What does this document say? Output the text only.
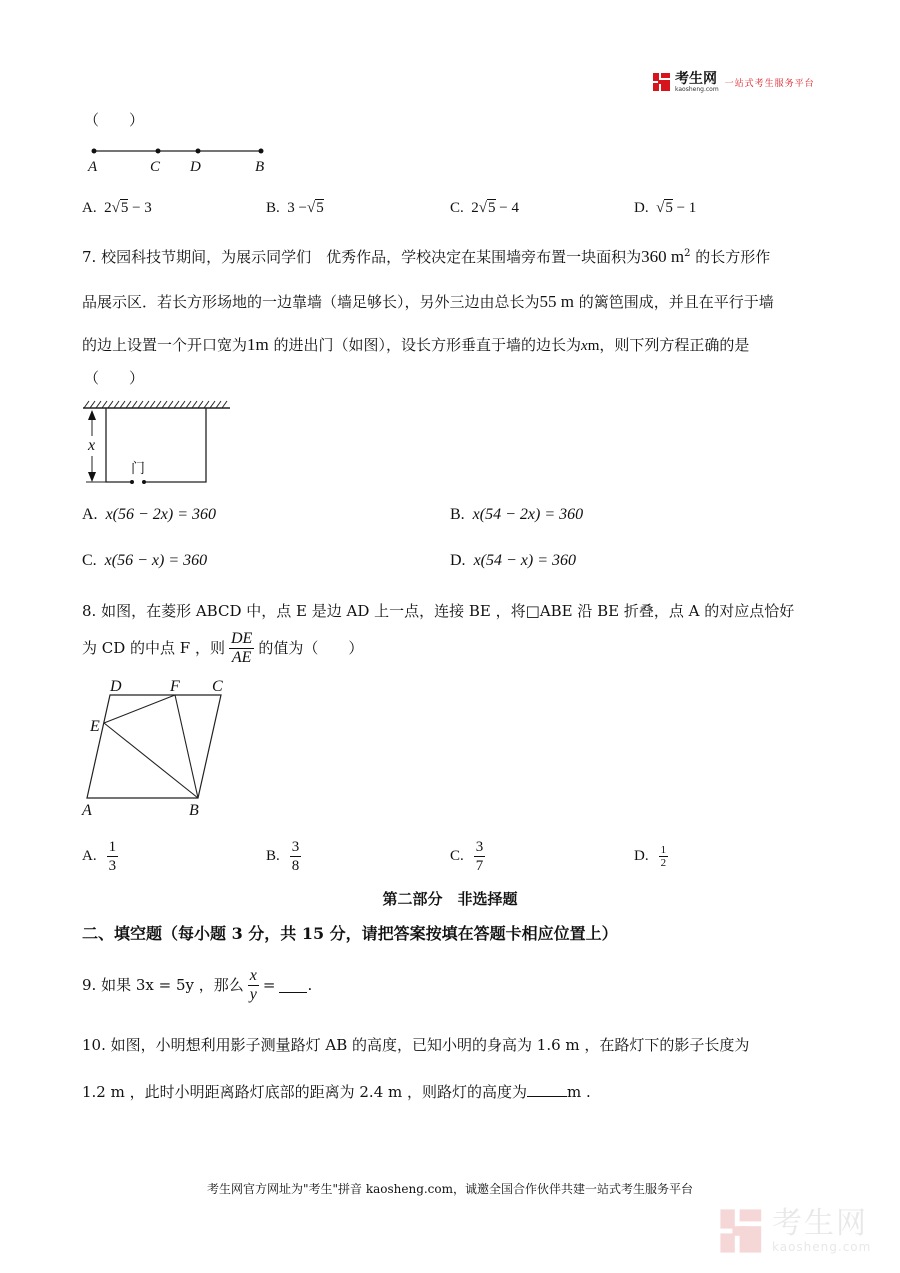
考生网
kaosheng.com
一站式考生服务平台
（　　）
A	C D	B
A. 2√5 − 3	B. 3 −√5	C. 2√5 − 4	D. √5 − 1
7. 校园科技节期间，为展示同学们　优秀作品，学校决定在某围墙旁布置一块面积为360 $m^2$ 的长方形作
品展示区．若长方形场地的一边靠墙（墙足够长），另外三边由总长为55 m 的篱笆围成，并且在平行于墙
的边上设置一个开口宽为1m 的进出门（如图），设长方形垂直于墙的边长为xm，则下列方程正确的是
（　　）
x
门
A. x(56 − 2x) = 360	B. x(54 − 2x) = 360
C. x(56 − x) = 360	D. x(54 − x) = 360
8. 如图，在菱形 ABCD 中，点 E 是边 AD 上一点，连接 BE ，将□ABE 沿 BE 折叠，点 A 的对应点恰好
为 CD 的中点 F ，则 $\frac{DE}{AE}$ 的值为（　　）
D	F C
E
A	B
A. $\frac{1}{3}$	B. $\frac{3}{8}$	C. $\frac{3}{7}$	D. $\frac{1}{2}$
第二部分　非选择题
二、填空题（每小题 3 分，共 15 分，请把答案按填在答题卡相应位置上）
9. 如果 3x = 5y ，那么 $\frac{x}{y}$ = .
10. 如图，小明想利用影子测量路灯 AB 的高度，已知小明的身高为 1.6 m ，在路灯下的影子长度为
1.2 m ，此时小明距离路灯底部的距离为 2.4 m ，则路灯的高度为	m .
考生网官方网址为"考生"拼音 kaosheng.com，诚邀全国合作伙伴共建一站式考生服务平台
考生网
kaosheng.com
